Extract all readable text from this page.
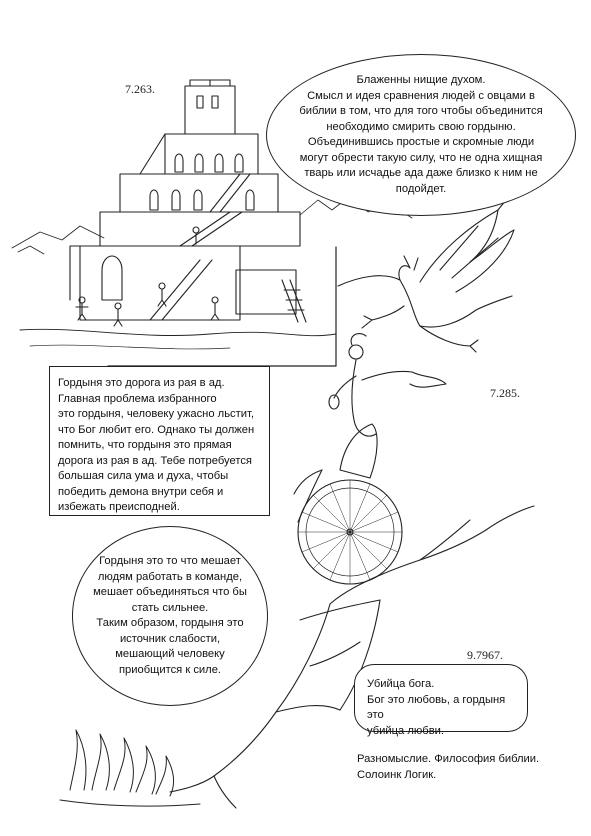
7.263.
7.285.
9.7967.

Блаженны нищие духом.

Смысл и идея сравнения людей с овцами в

библии в том, что для того чтобы объединится

необходимо смирить свою гордыню.

Объединившись простые и скромные люди

могут обрести такую силу, что не одна хищная

тварь или исчадье ада даже близко к ним не

подойдет.

Гордыня это дорога из рая в ад.

Главная проблема избранного

это гордыня, человеку ужасно льстит,

что Бог любит его. Однако ты должен

помнить, что гордыня это прямая

дорога из рая в ад. Тебе потребуется

большая сила ума и духа, чтобы

победить демона внутри себя и

избежать преисподней.

Гордыня это то что мешает

людям работать в команде,

мешает объединяться что бы

стать сильнее.

Таким образом, гордыня это

источник слабости,

мешающий человеку

приобщится к силе.

Убийца бога.

Бог это любовь, а гордыня это

убийца любви.

Разномыслие. Философия библии.

Солоинк Логик.
